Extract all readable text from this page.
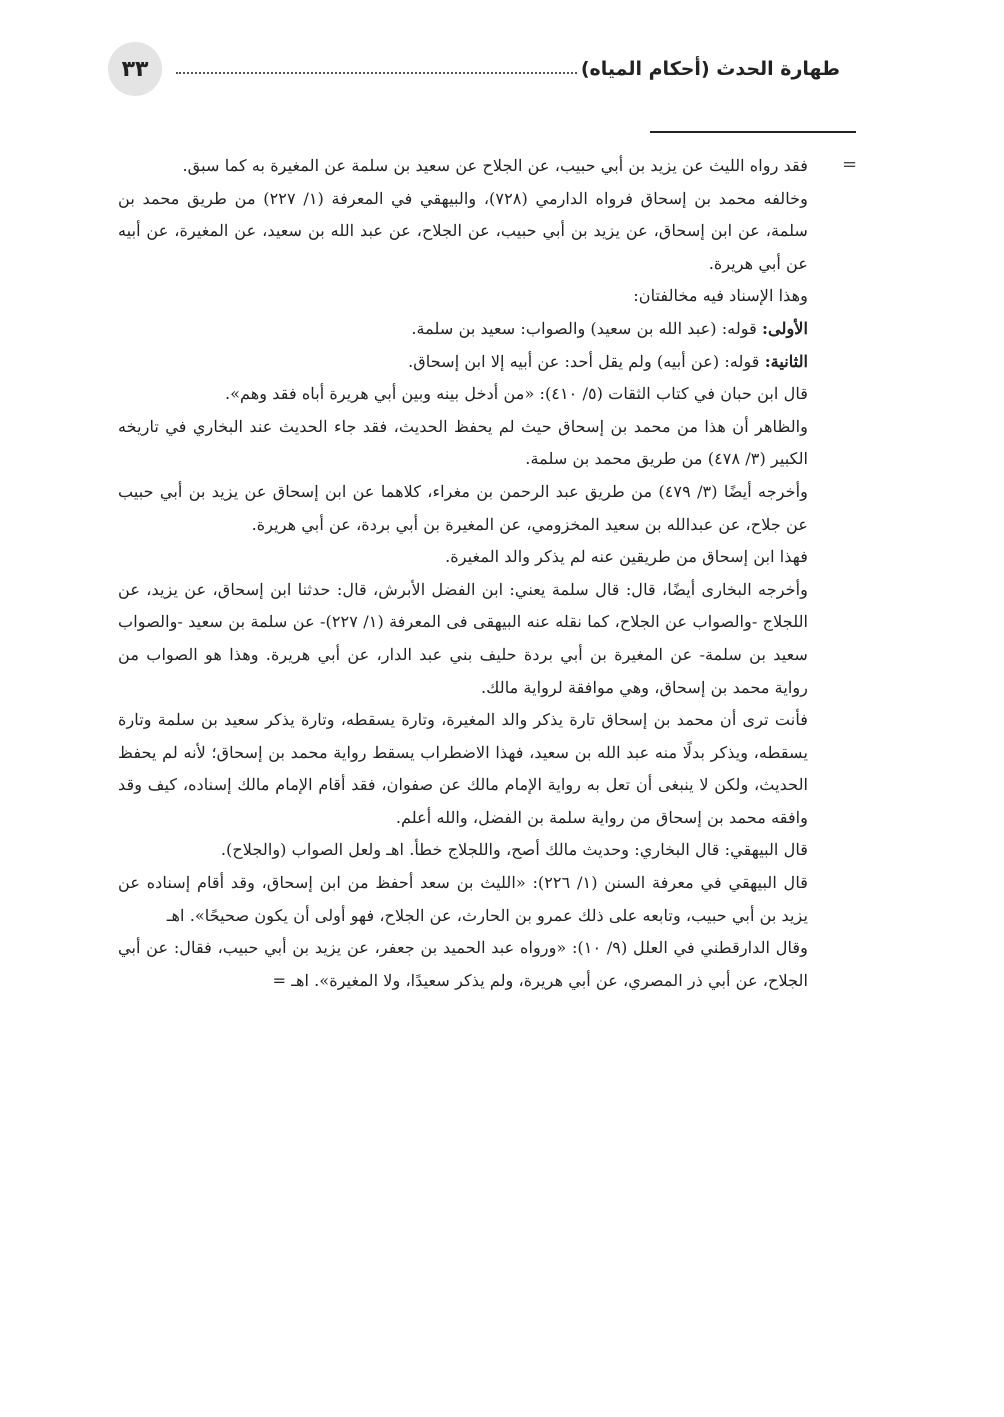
٣٣	طهارة الحدث (أحكام المياه)
=

فقد رواه الليث عن يزيد بن أبي حبيب، عن الجلاح عن سعيد بن سلمة عن المغيرة به كما سبق.

وخالفه محمد بن إسحاق فرواه الدارمي (٧٢٨)، والبيهقي في المعرفة (١/ ٢٢٧) من طريق محمد بن سلمة، عن ابن إسحاق، عن يزيد بن أبي حبيب، عن الجلاح، عن عبد الله بن سعيد، عن المغيرة، عن أبيه عن أبي هريرة.

وهذا الإسناد فيه مخالفتان:

الأولى: قوله: (عبد الله بن سعيد) والصواب: سعيد بن سلمة.

الثانية: قوله: (عن أبيه) ولم يقل أحد: عن أبيه إلا ابن إسحاق.

قال ابن حبان في كتاب الثقات (٥/ ٤١٠): «من أدخل بينه وبين أبي هريرة أباه فقد وهم».

والظاهر أن هذا من محمد بن إسحاق حيث لم يحفظ الحديث، فقد جاء الحديث عند البخاري في تاريخه الكبير (٣/ ٤٧٨) من طريق محمد بن سلمة.

وأخرجه أيضًا (٣/ ٤٧٩) من طريق عبد الرحمن بن مغراء، كلاهما عن ابن إسحاق عن يزيد بن أبي حبيب عن جلاح، عن عبدالله بن سعيد المخزومي، عن المغيرة بن أبي بردة، عن أبي هريرة.

فهذا ابن إسحاق من طريقين عنه لم يذكر والد المغيرة.

وأخرجه البخارى أيضًا، قال: قال سلمة يعني: ابن الفضل الأبرش، قال: حدثنا ابن إسحاق، عن يزيد، عن اللجلاج -والصواب عن الجلاح، كما نقله عنه البيهقى فى المعرفة (١/ ٢٢٧)- عن سلمة بن سعيد -والصواب سعيد بن سلمة- عن المغيرة بن أبي بردة حليف بني عبد الدار، عن أبي هريرة. وهذا هو الصواب من رواية محمد بن إسحاق، وهي موافقة لرواية مالك.

فأنت ترى أن محمد بن إسحاق تارة يذكر والد المغيرة، وتارة يسقطه، وتارة يذكر سعيد بن سلمة وتارة يسقطه، ويذكر بدلًا منه عبد الله بن سعيد، فهذا الاضطراب يسقط رواية محمد بن إسحاق؛ لأنه لم يحفظ الحديث، ولكن لا ينبغى أن تعل به رواية الإمام مالك عن صفوان، فقد أقام الإمام مالك إسناده، كيف وقد وافقه محمد بن إسحاق من رواية سلمة بن الفضل، والله أعلم.

قال البيهقي: قال البخاري: وحديث مالك أصح، واللجلاج خطأ. اهـ ولعل الصواب (والجلاح).

قال البيهقي في معرفة السنن (١/ ٢٢٦): «الليث بن سعد أحفظ من ابن إسحاق، وقد أقام إسناده عن يزيد بن أبي حبيب، وتابعه على ذلك عمرو بن الحارث، عن الجلاح، فهو أولى أن يكون صحيحًا». اهـ

وقال الدارقطني في العلل (٩/ ١٠): «ورواه عبد الحميد بن جعفر، عن يزيد بن أبي حبيب، فقال: عن أبي الجلاح، عن أبي ذر المصري، عن أبي هريرة، ولم يذكر سعيدًا، ولا المغيرة». اهـ =
